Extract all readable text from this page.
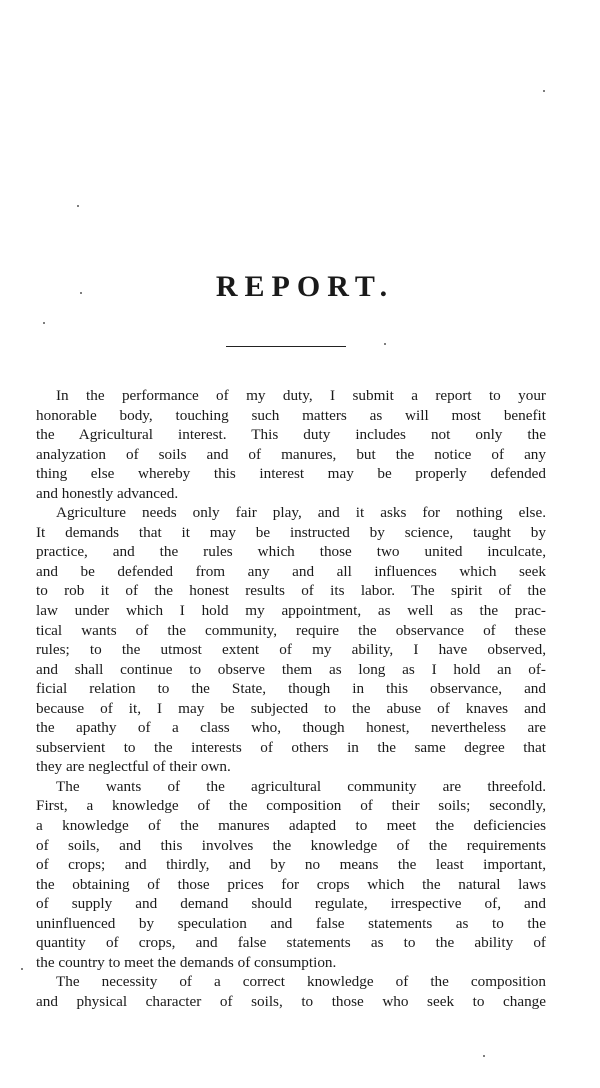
REPORT.
In the performance of my duty, I submit a report to your
honorable body, touching such matters as will most benefit
the Agricultural interest. This duty includes not only the
analyzation of soils and of manures, but the notice of any
thing else whereby this interest may be properly defended
and honestly advanced.
Agriculture needs only fair play, and it asks for nothing else.
It demands that it may be instructed by science, taught by
practice, and the rules which those two united inculcate,
and be defended from any and all influences which seek
to rob it of the honest results of its labor. The spirit of the
law under which I hold my appointment, as well as the prac-
tical wants of the community, require the observance of these
rules; to the utmost extent of my ability, I have observed,
and shall continue to observe them as long as I hold an of-
ficial relation to the State, though in this observance, and
because of it, I may be subjected to the abuse of knaves and
the apathy of a class who, though honest, nevertheless are
subservient to the interests of others in the same degree that
they are neglectful of their own.
The wants of the agricultural community are threefold.
First, a knowledge of the composition of their soils; secondly,
a knowledge of the manures adapted to meet the deficiencies
of soils, and this involves the knowledge of the requirements
of crops; and thirdly, and by no means the least important,
the obtaining of those prices for crops which the natural laws
of supply and demand should regulate, irrespective of, and
uninfluenced by speculation and false statements as to the
quantity of crops, and false statements as to the ability of
the country to meet the demands of consumption.
The necessity of a correct knowledge of the composition
and physical character of soils, to those who seek to change
